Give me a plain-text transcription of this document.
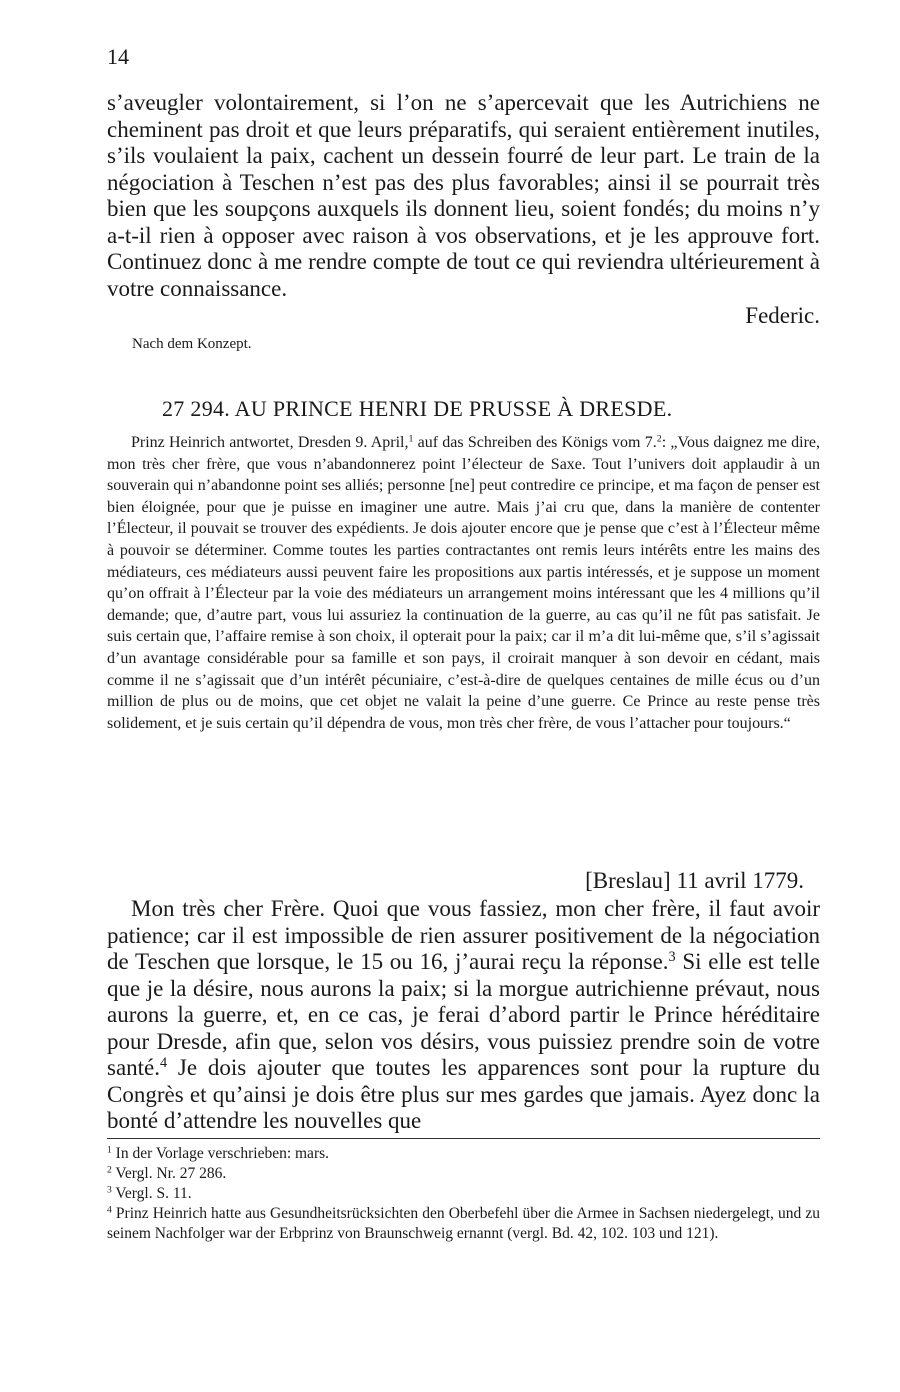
14

s’aveugler volontairement, si l’on ne s’apercevait que les Autrichiens ne cheminent pas droit et que leurs préparatifs, qui seraient entièrement inutiles, s’ils voulaient la paix, cachent un dessein fourré de leur part. Le train de la négociation à Teschen n’est pas des plus favorables; ainsi il se pourrait très bien que les soupçons auxquels ils donnent lieu, soient fondés; du moins n’y a-t-il rien à opposer avec raison à vos observations, et je les approuve fort. Continuez donc à me rendre compte de tout ce qui reviendra ultérieurement à votre connaissance.

Federic.
Nach dem Konzept.
27 294. AU PRINCE HENRI DE PRUSSE À DRESDE.

Prinz Heinrich antwortet, Dresden 9. April,$^1$ auf das Schreiben des Königs vom 7.$^2$: „Vous daignez me dire, mon très cher frère, que vous n’abandonnerez point l’électeur de Saxe. Tout l’univers doit applaudir à un souverain qui n’abandonne point ses alliés; personne [ne] peut contredire ce principe, et ma façon de penser est bien éloignée, pour que je puisse en imaginer une autre. Mais j’ai cru que, dans la manière de contenter l’Électeur, il pouvait se trouver des expédients. Je dois ajouter encore que je pense que c’est à l’Électeur même à pouvoir se déterminer. Comme toutes les parties contractantes ont remis leurs intérêts entre les mains des médiateurs, ces médiateurs aussi peuvent faire les propositions aux partis intéressés, et je suppose un moment qu’on offrait à l’Électeur par la voie des médiateurs un arrangement moins intéressant que les 4 millions qu’il demande; que, d’autre part, vous lui assuriez la continuation de la guerre, au cas qu’il ne fût pas satisfait. Je suis certain que, l’affaire remise à son choix, il opterait pour la paix; car il m’a dit lui-même que, s’il s’agissait d’un avantage considérable pour sa famille et son pays, il croirait manquer à son devoir en cédant, mais comme il ne s’agissait que d’un intérêt pécuniaire, c’est-à-dire de quelques centaines de mille écus ou d’un million de plus ou de moins, que cet objet ne valait la peine d’une guerre. Ce Prince au reste pense très solidement, et je suis certain qu’il dépendra de vous, mon très cher frère, de vous l’attacher pour toujours.“

[Breslau] 11 avril 1779.

Mon très cher Frère. Quoi que vous fassiez, mon cher frère, il faut avoir patience; car il est impossible de rien assurer positivement de la négociation de Teschen que lorsque, le 15 ou 16, j’aurai reçu la réponse.$^3$ Si elle est telle que je la désire, nous aurons la paix; si la morgue autrichienne prévaut, nous aurons la guerre, et, en ce cas, je ferai d’abord partir le Prince héréditaire pour Dresde, afin que, selon vos désirs, vous puissiez prendre soin de votre santé.$^4$ Je dois ajouter que toutes les apparences sont pour la rupture du Congrès et qu’ainsi je dois être plus sur mes gardes que jamais. Ayez donc la bonté d’attendre les nouvelles que

$^1$ In der Vorlage verschrieben: mars.

$^2$ Vergl. Nr. 27 286.

$^3$ Vergl. S. 11.

$^4$ Prinz Heinrich hatte aus Gesundheitsrücksichten den Oberbefehl über die Armee in Sachsen niedergelegt, und zu seinem Nachfolger war der Erbprinz von Braunschweig ernannt (vergl. Bd. 42, 102. 103 und 121).
